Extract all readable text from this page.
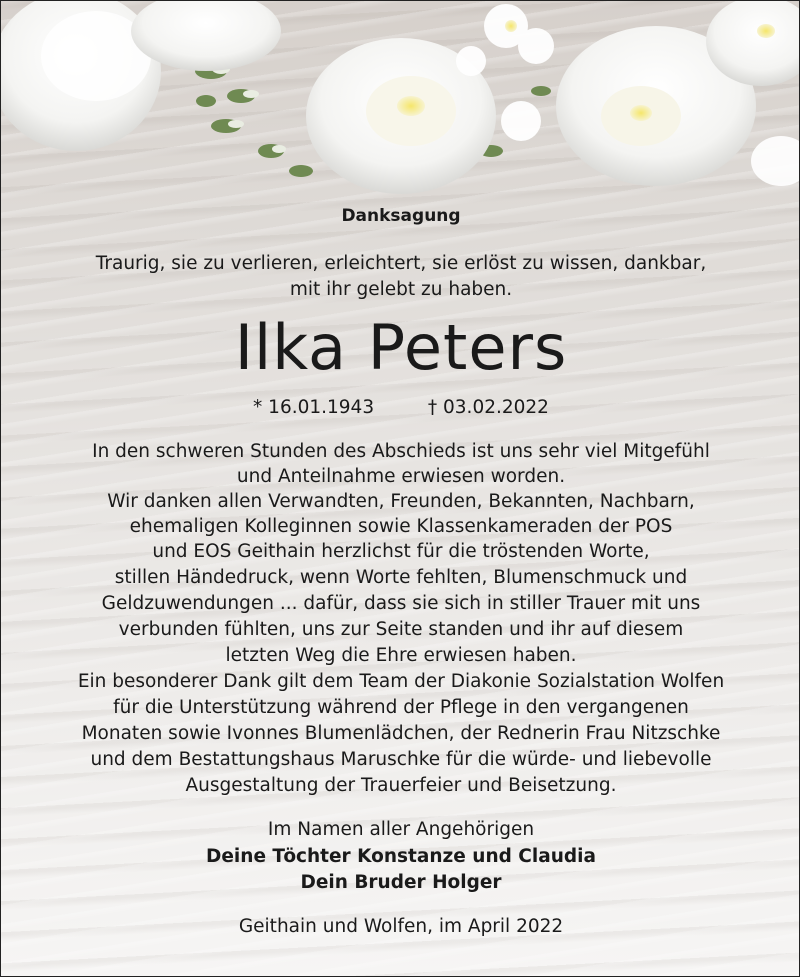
Danksagung
Traurig, sie zu verlieren, erleichtert, sie erlöst zu wissen, dankbar,
mit ihr gelebt zu haben.
Ilka Peters
* 16.01.1943	† 03.02.2022
In den schweren Stunden des Abschieds ist uns sehr viel Mitgefühl
und Anteilnahme erwiesen worden.
Wir danken allen Verwandten, Freunden, Bekannten, Nachbarn,
ehemaligen Kolleginnen sowie Klassenkameraden der POS
und EOS Geithain herzlichst für die tröstenden Worte,
stillen Händedruck, wenn Worte fehlten, Blumenschmuck und
Geldzuwendungen ... dafür, dass sie sich in stiller Trauer mit uns
verbunden fühlten, uns zur Seite standen und ihr auf diesem
letzten Weg die Ehre erwiesen haben.
Ein besonderer Dank gilt dem Team der Diakonie Sozialstation Wolfen
für die Unterstützung während der Pflege in den vergangenen
Monaten sowie Ivonnes Blumenlädchen, der Rednerin Frau Nitzschke
und dem Bestattungshaus Maruschke für die würde- und liebevolle
Ausgestaltung der Trauerfeier und Beisetzung.
Im Namen aller Angehörigen
Deine Töchter Konstanze und Claudia
Dein Bruder Holger
Geithain und Wolfen, im April 2022
